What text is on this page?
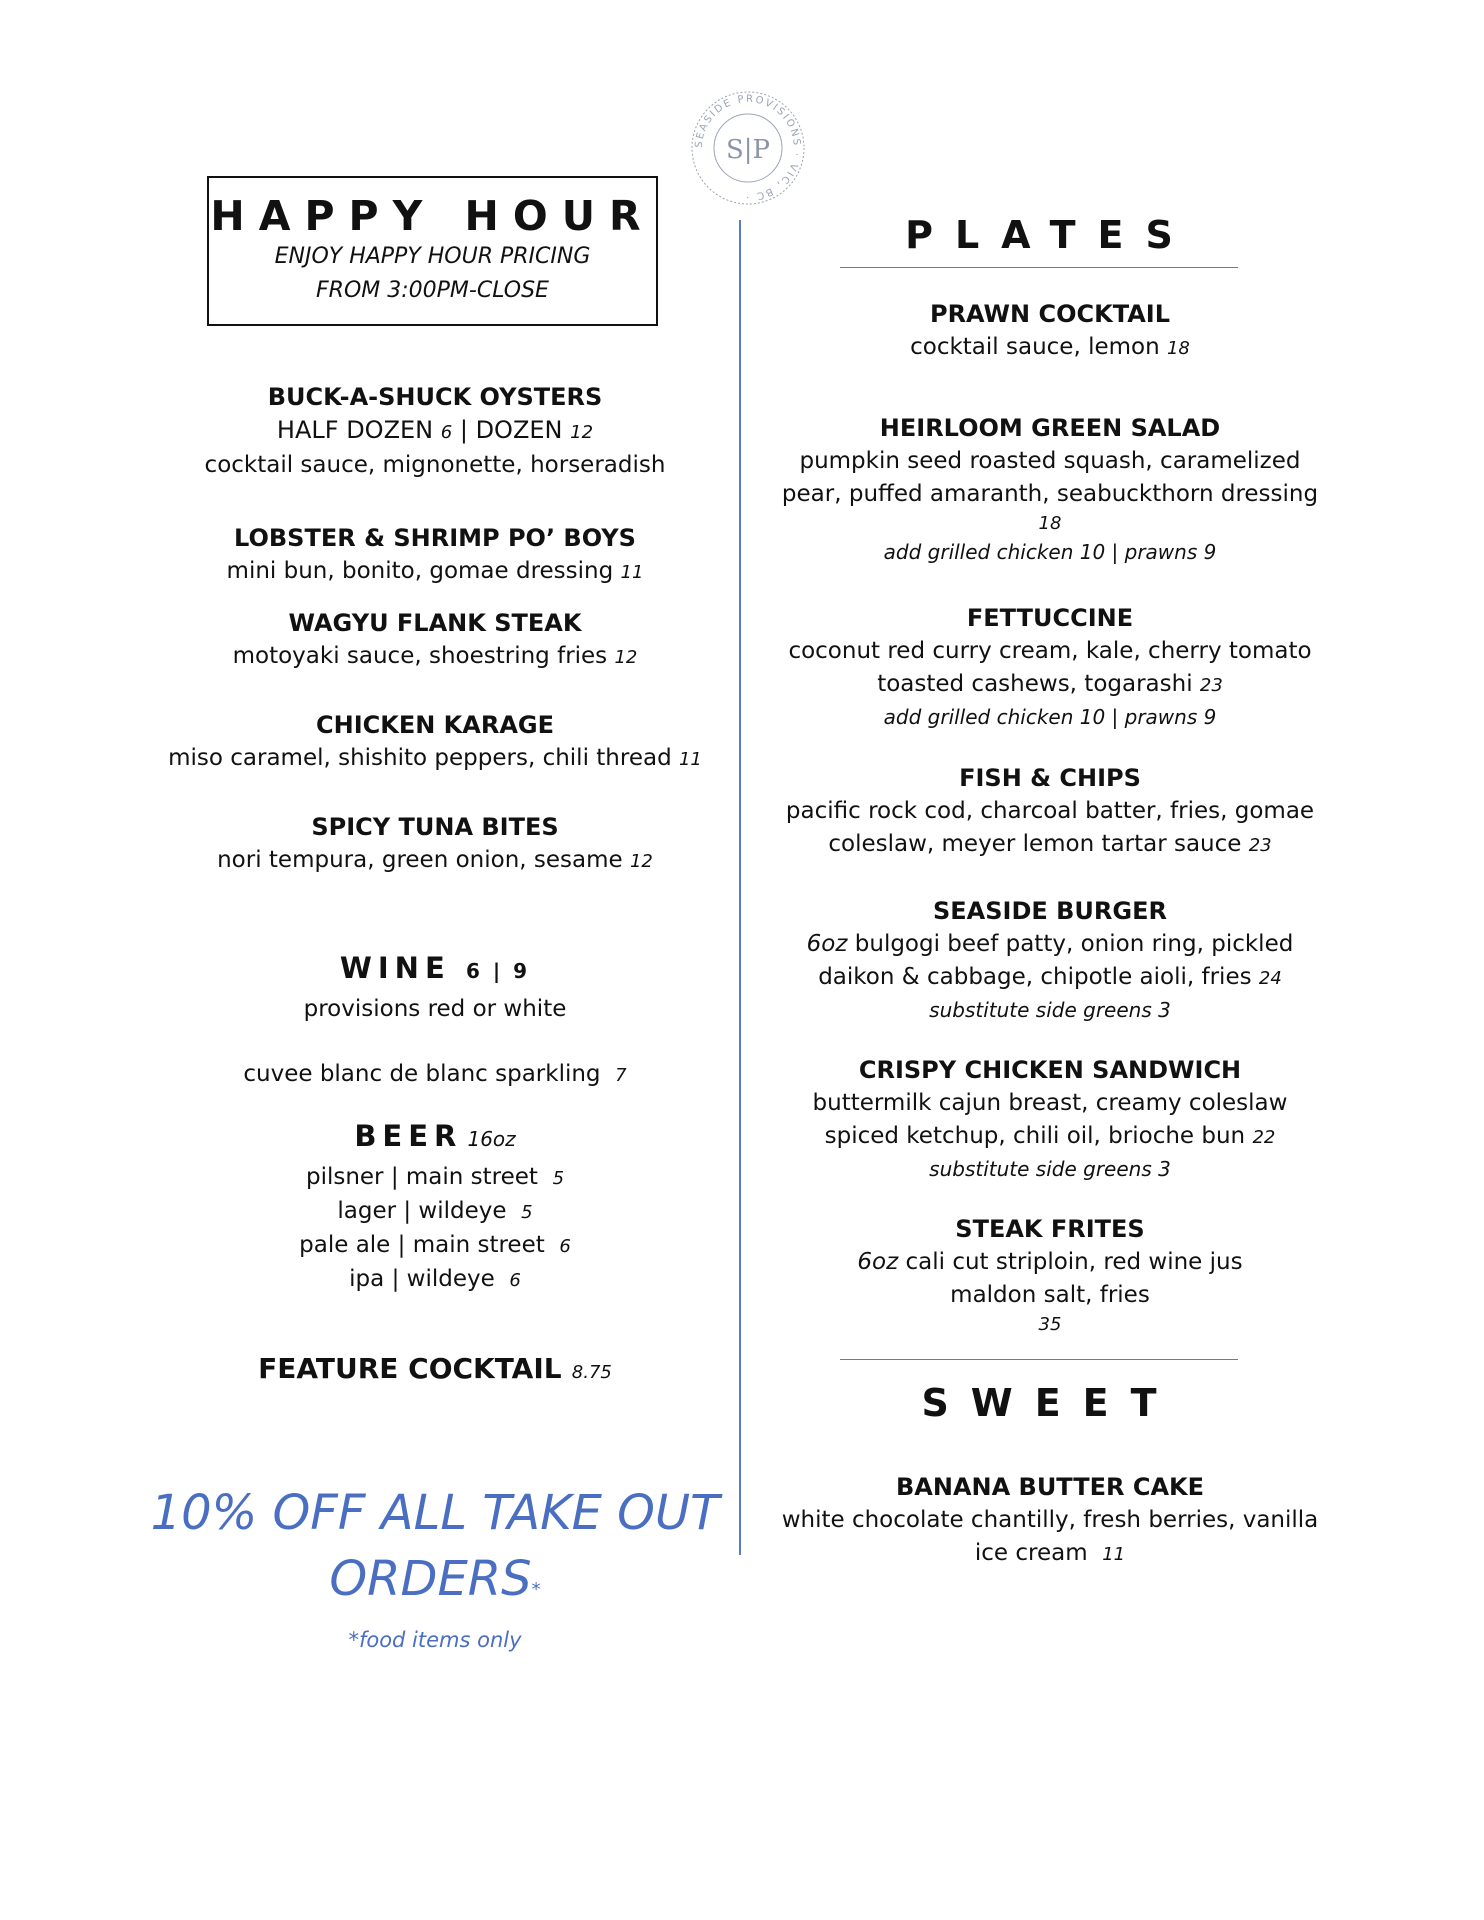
SEASIDE PROVISIONS · VIC, BC ·
S|P
HAPPY HOUR
ENJOY HAPPY HOUR PRICING
FROM 3:00PM-CLOSE
BUCK-A-SHUCK OYSTERS
HALF DOZEN 6 | DOZEN 12
cocktail sauce, mignonette, horseradish
LOBSTER & SHRIMP PO’ BOYS
mini bun, bonito, gomae dressing 11
WAGYU FLANK STEAK
motoyaki sauce, shoestring fries 12
CHICKEN KARAGE
miso caramel, shishito peppers, chili thread 11
SPICY TUNA BITES
nori tempura, green onion, sesame 12
WINE 6 | 9
provisions red or white
cuvee blanc de blanc sparkling 7
BEER 16oz
pilsner | main street 5
lager | wildeye 5
pale ale | main street 6
ipa | wildeye 6
FEATURE COCKTAIL 8.75
10% OFF ALL TAKE OUT
ORDERS*
*food items only
PLATES
PRAWN COCKTAIL
cocktail sauce, lemon 18
HEIRLOOM GREEN SALAD
pumpkin seed roasted squash, caramelized
pear, puffed amaranth, seabuckthorn dressing
18
add grilled chicken 10 | prawns 9
FETTUCCINE
coconut red curry cream, kale, cherry tomato
toasted cashews, togarashi 23
add grilled chicken 10 | prawns 9
FISH & CHIPS
pacific rock cod, charcoal batter, fries, gomae
coleslaw, meyer lemon tartar sauce 23
SEASIDE BURGER
6oz bulgogi beef patty, onion ring, pickled
daikon & cabbage, chipotle aioli, fries 24
substitute side greens 3
CRISPY CHICKEN SANDWICH
buttermilk cajun breast, creamy coleslaw
spiced ketchup, chili oil, brioche bun 22
substitute side greens 3
STEAK FRITES
6oz cali cut striploin, red wine jus
maldon salt, fries
35
SWEET
BANANA BUTTER CAKE
white chocolate chantilly, fresh berries, vanilla
ice cream 11
